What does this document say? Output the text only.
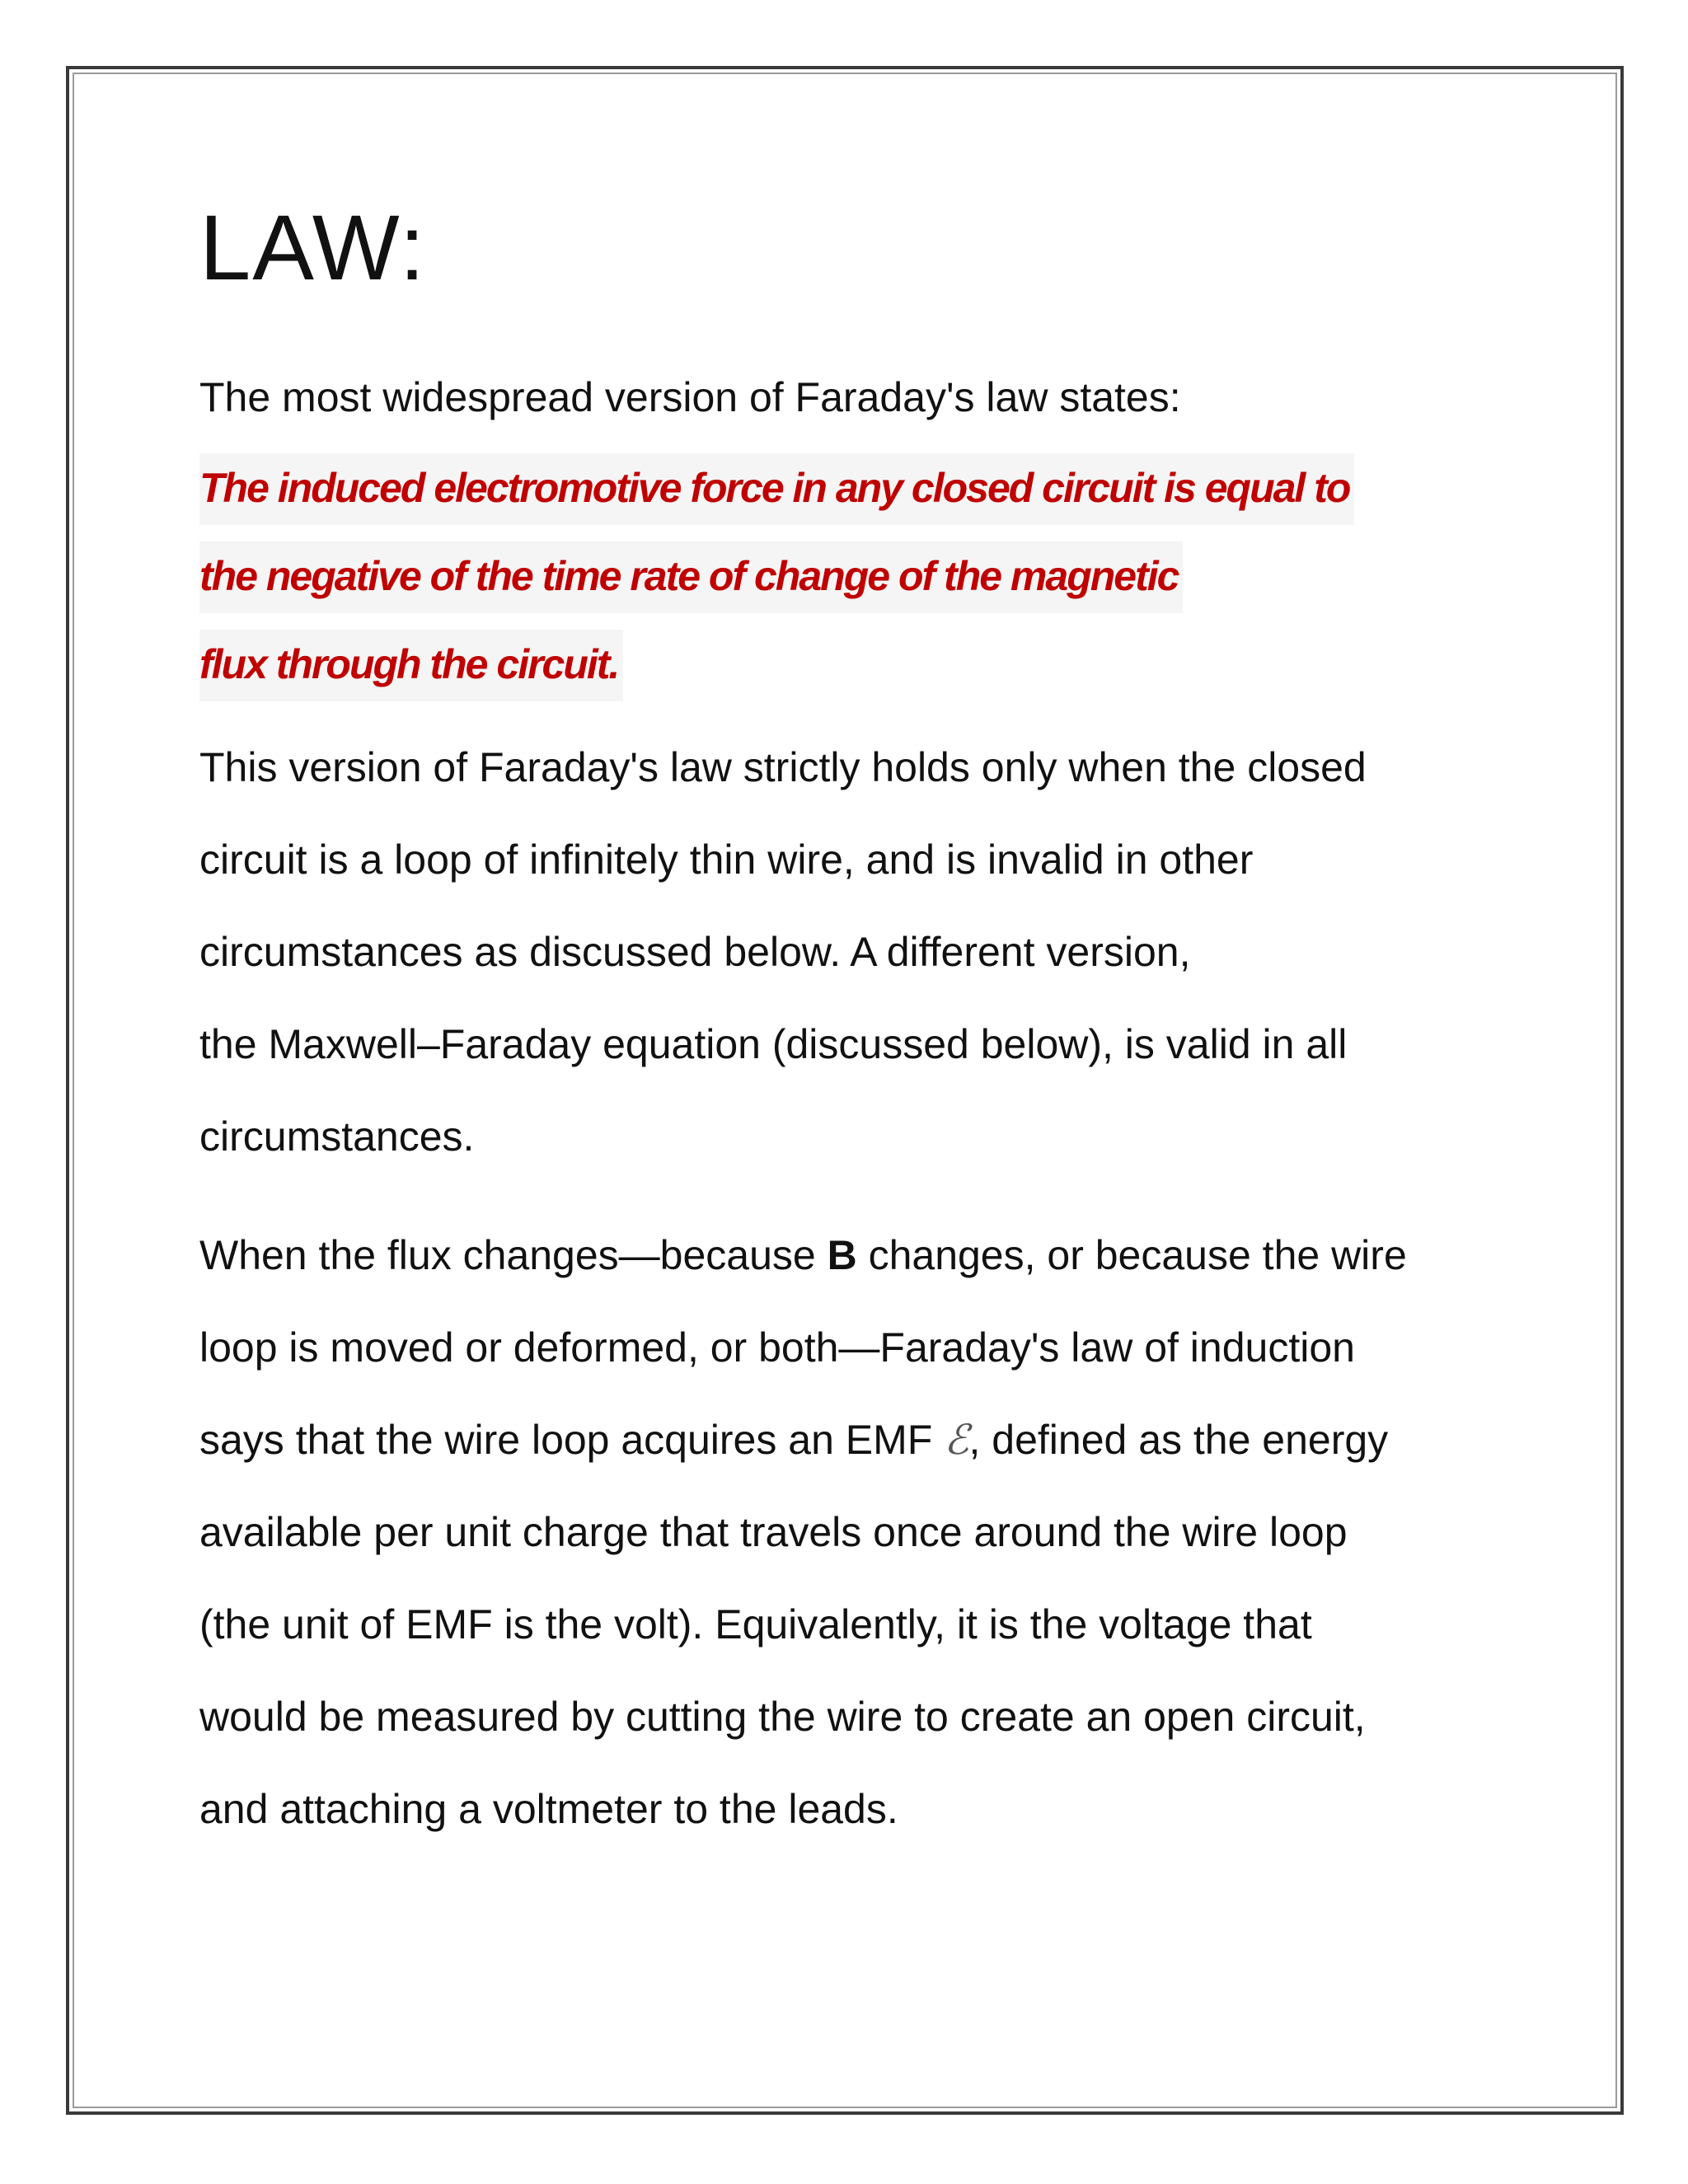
LAW:
The most widespread version of Faraday's law states:
The induced electromotive force in any closed circuit is equal to
the negative of the time rate of change of the magnetic
flux through the circuit.
This version of Faraday's law strictly holds only when the closed
circuit is a loop of infinitely thin wire, and is invalid in other
circumstances as discussed below. A different version,
the Maxwell–Faraday equation (discussed below), is valid in all
circumstances.
When the flux changes—because B changes, or because the wire
loop is moved or deformed, or both—Faraday's law of induction
says that the wire loop acquires an EMF ℰ, defined as the energy
available per unit charge that travels once around the wire loop
(the unit of EMF is the volt). Equivalently, it is the voltage that
would be measured by cutting the wire to create an open circuit,
and attaching a voltmeter to the leads.
